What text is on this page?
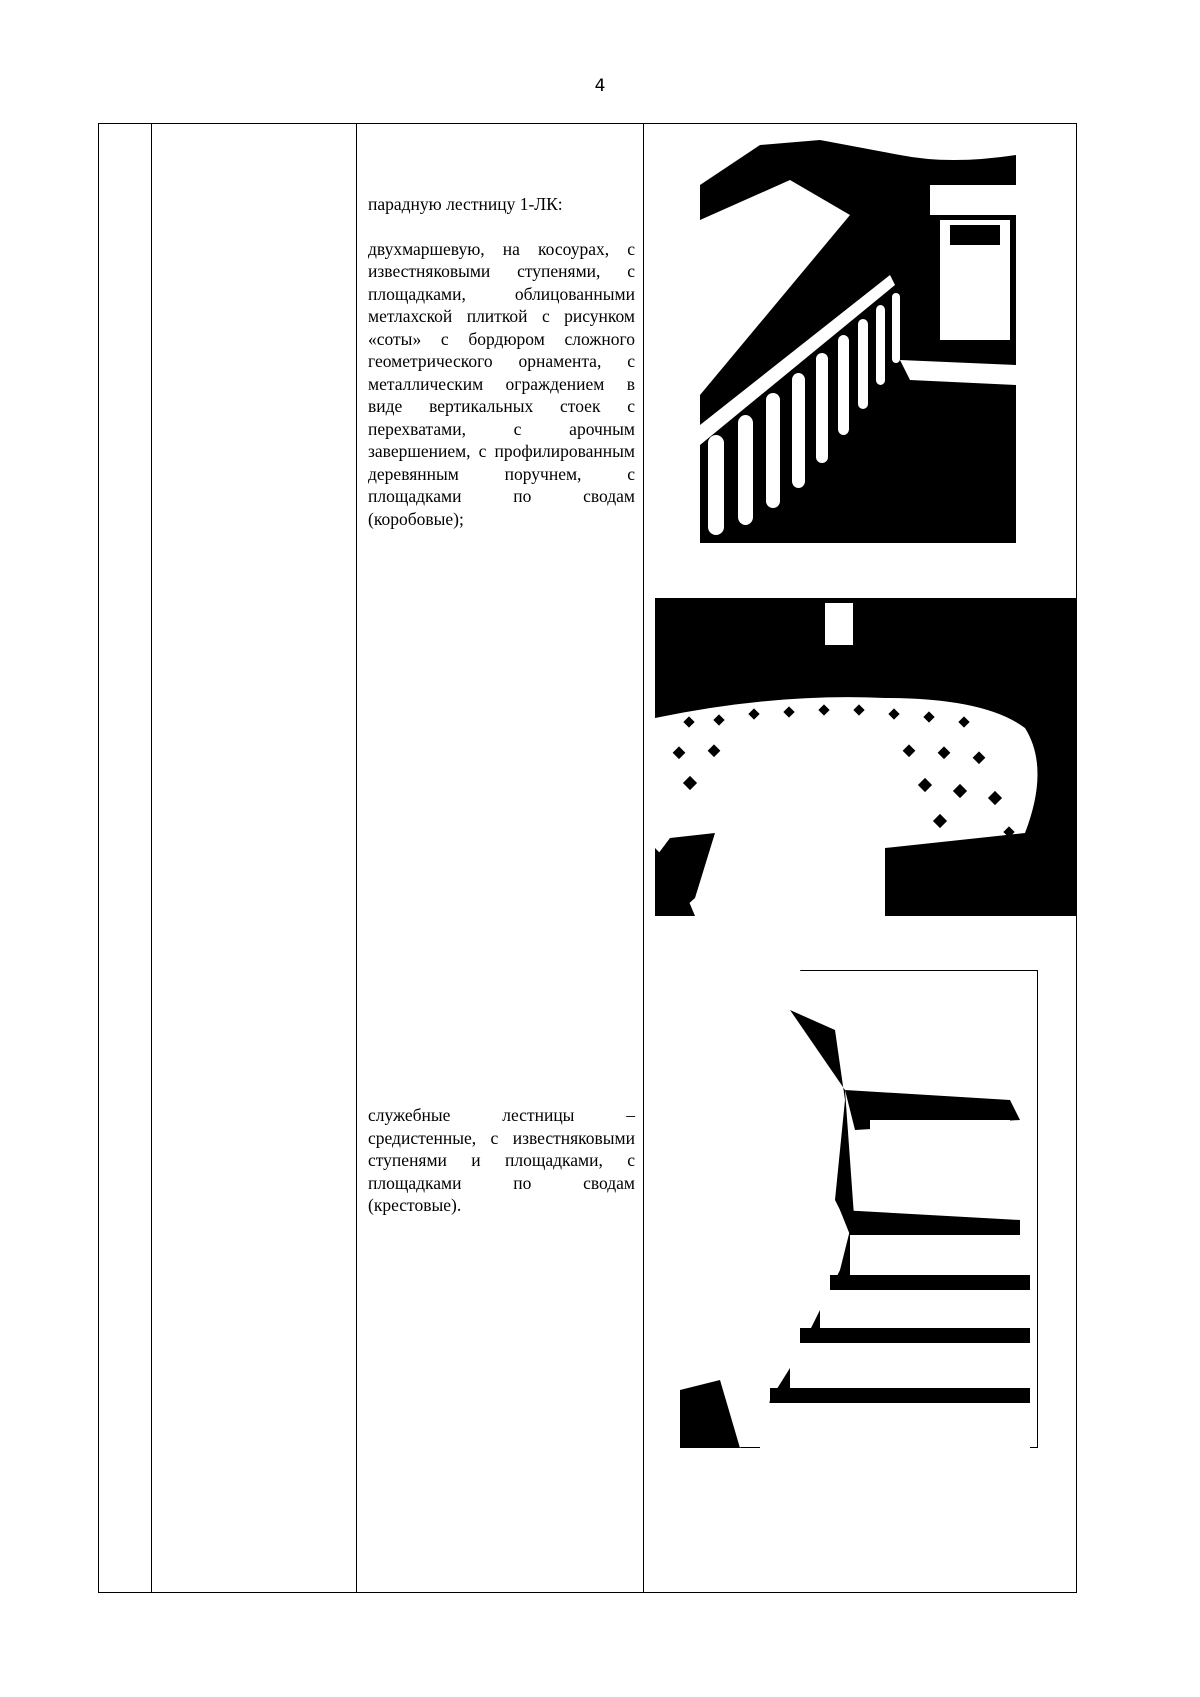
4

парадную лестницу 1-ЛК:

двухмаршевую, на косоурах, с известняковыми ступенями, с площадками, облицованными метлахской плиткой с рисунком «соты» с бордюром сложного геометрического орнамента, с металлическим ограждением в виде вертикальных стоек с перехватами, с арочным завершением, с профилированным деревянным поручнем, с площадками по сводам (коробовые);

служебные лестницы – средистенные, с известняковыми ступенями и площадками, с площадками по сводам (крестовые).
